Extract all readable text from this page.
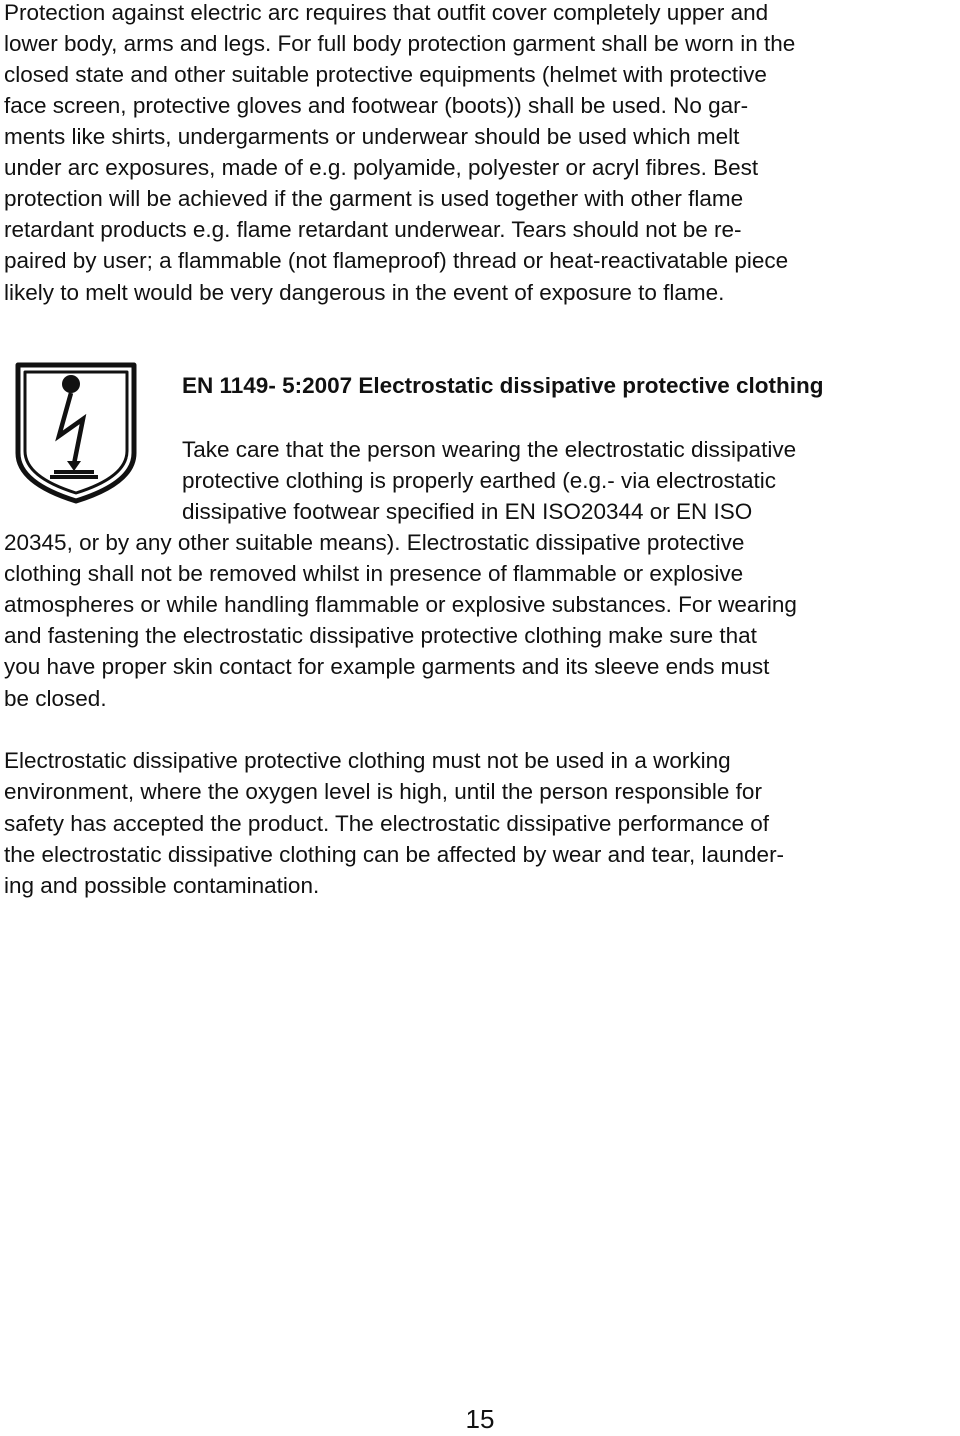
Protection against electric arc requires that outfit cover completely upper and

lower body, arms and legs. For full body protection garment shall be worn in the

closed state and other suitable protective equipments (helmet with protective

face screen, protective gloves and footwear (boots)) shall be used. No gar-

ments like shirts, undergarments or underwear should be used which melt

under arc exposures, made of e.g. polyamide, polyester or acryl fibres. Best

protection will be achieved if the garment is used together with other flame

retardant products e.g. flame retardant underwear. Tears should not be re-

paired by user; a flammable (not flameproof) thread or heat-reactivatable piece

likely to melt would be very dangerous in the event of exposure to flame.

EN 1149- 5:2007 Electrostatic dissipative protective clothing

Take care that the person wearing the electrostatic dissipative

protective clothing is properly earthed (e.g.- via electrostatic

dissipative footwear specified in EN ISO20344 or EN ISO

20345, or by any other suitable means). Electrostatic dissipative protective

clothing shall not be removed whilst in presence of flammable or explosive

atmospheres or while handling flammable or explosive substances. For wearing

and fastening the electrostatic dissipative protective clothing make sure that

you have proper skin contact for example garments and its sleeve ends must

be closed.

Electrostatic dissipative protective clothing must not be used in a working

environment, where the oxygen level is high, until the person responsible for

safety has accepted the product. The electrostatic dissipative performance of

the electrostatic dissipative clothing can be affected by wear and tear, launder-

ing and possible contamination.

15
